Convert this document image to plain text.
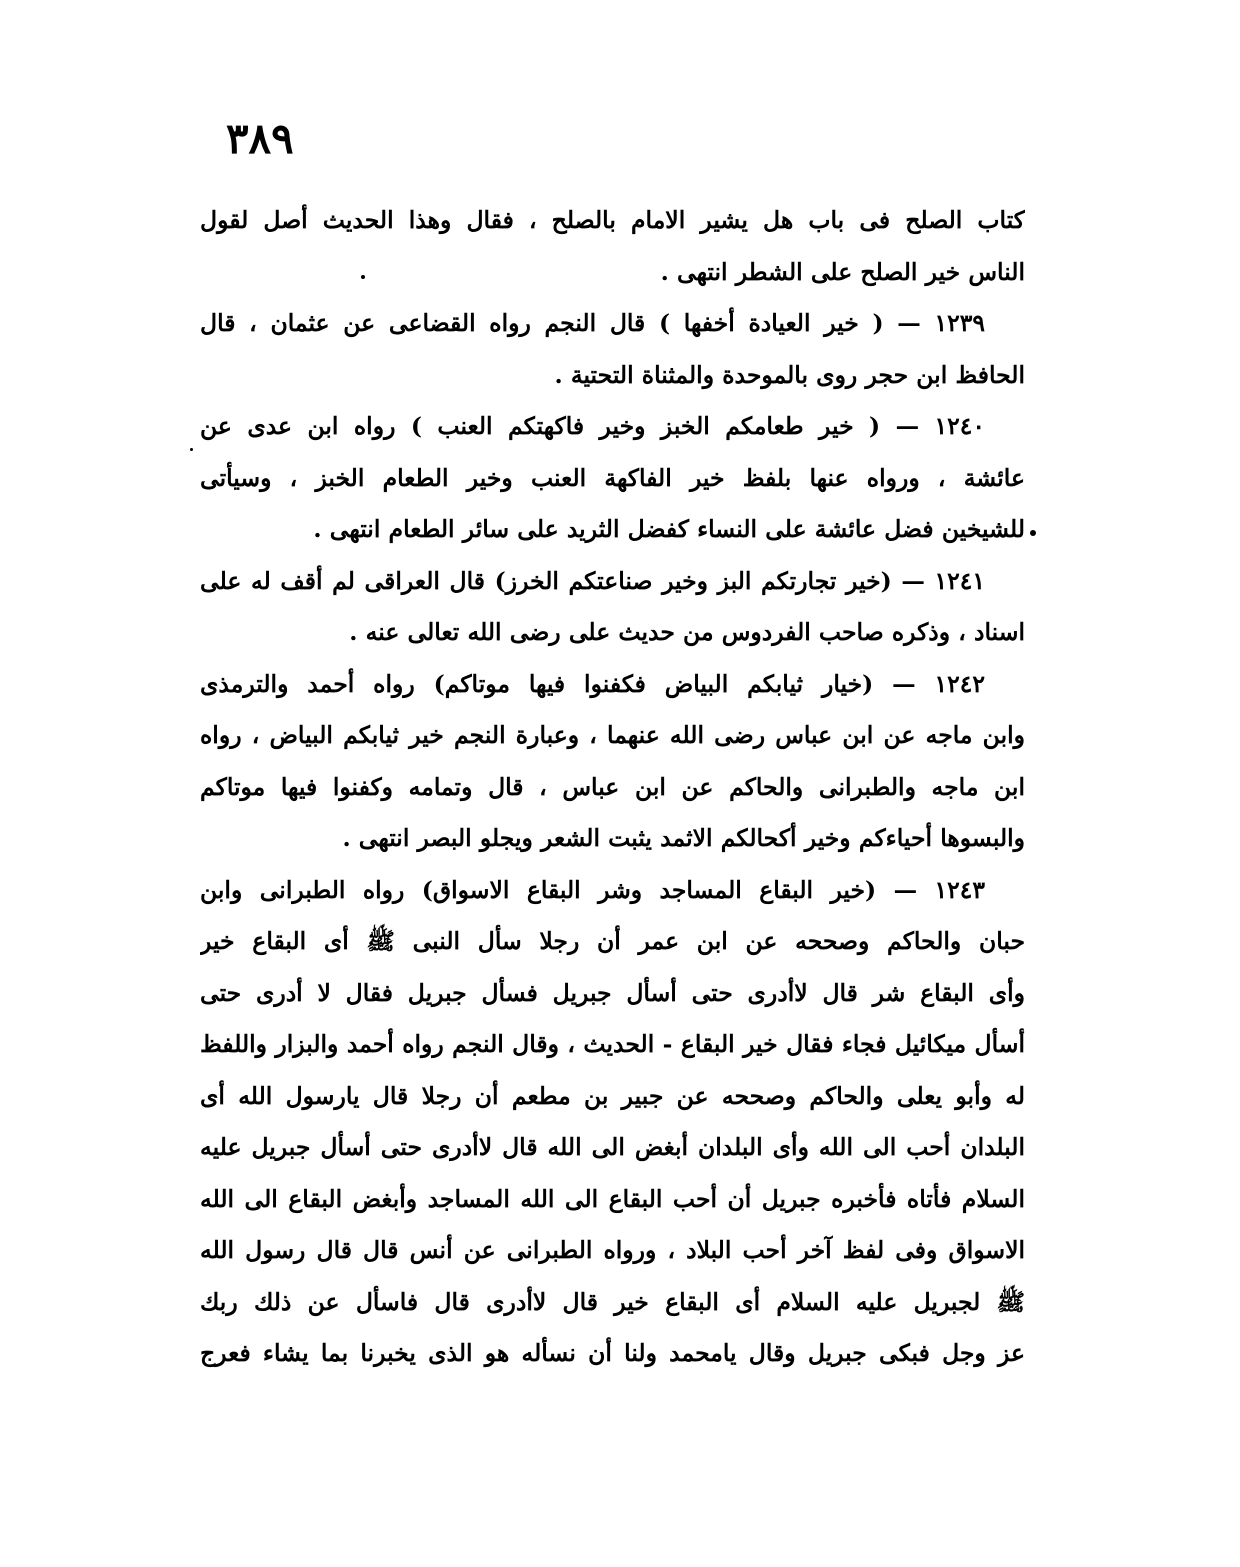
٣٨٩
كتاب الصلح فى باب هل يشير الامام بالصلح ، فقال وهذا الحديث أصل لقول
الناس خير الصلح على الشطر انتهى .
١٢٣٩ — ( خير العيادة أخفها ) قال النجم رواه القضاعى عن عثمان ، قال
الحافظ ابن حجر روى بالموحدة والمثناة التحتية .
١٢٤٠ — ( خير طعامكم الخبز وخير فاكهتكم العنب ) رواه ابن عدى عن
عائشة ، ورواه عنها بلفظ خير الفاكهة العنب وخير الطعام الخبز ، وسيأتى
للشيخين فضل عائشة على النساء كفضل الثريد على سائر الطعام انتهى .
١٢٤١ — (خير تجارتكم البز وخير صناعتكم الخرز) قال العراقى لم أقف له على
اسناد ، وذكره صاحب الفردوس من حديث على رضى الله تعالى عنه .
١٢٤٢ — (خيار ثيابكم البياض فكفنوا فيها موتاكم) رواه أحمد والترمذى
وابن ماجه عن ابن عباس رضى الله عنهما ، وعبارة النجم خير ثيابكم البياض ، رواه
ابن ماجه والطبرانى والحاكم عن ابن عباس ، قال وتمامه وكفنوا فيها موتاكم
والبسوها أحياءكم وخير أكحالكم الاثمد يثبت الشعر ويجلو البصر انتهى .
١٢٤٣ — (خير البقاع المساجد وشر البقاع الاسواق) رواه الطبرانى وابن
حبان والحاكم وصححه عن ابن عمر أن رجلا سأل النبى ﷺ أى البقاع خير
وأى البقاع شر قال لاأدرى حتى أسأل جبريل فسأل جبريل فقال لا أدرى حتى
أسأل ميكائيل فجاء فقال خير البقاع - الحديث ، وقال النجم رواه أحمد والبزار واللفظ
له وأبو يعلى والحاكم وصححه عن جبير بن مطعم أن رجلا قال يارسول الله أى
البلدان أحب الى الله وأى البلدان أبغض الى الله قال لاأدرى حتى أسأل جبريل عليه
السلام فأتاه فأخبره جبريل أن أحب البقاع الى الله المساجد وأبغض البقاع الى الله
الاسواق وفى لفظ آخر أحب البلاد ، ورواه الطبرانى عن أنس قال قال رسول الله
ﷺ لجبريل عليه السلام أى البقاع خير قال لاأدرى قال فاسأل عن ذلك ربك
عز وجل فبكى جبريل وقال يامحمد ولنا أن نسأله هو الذى يخبرنا بما يشاء فعرج
